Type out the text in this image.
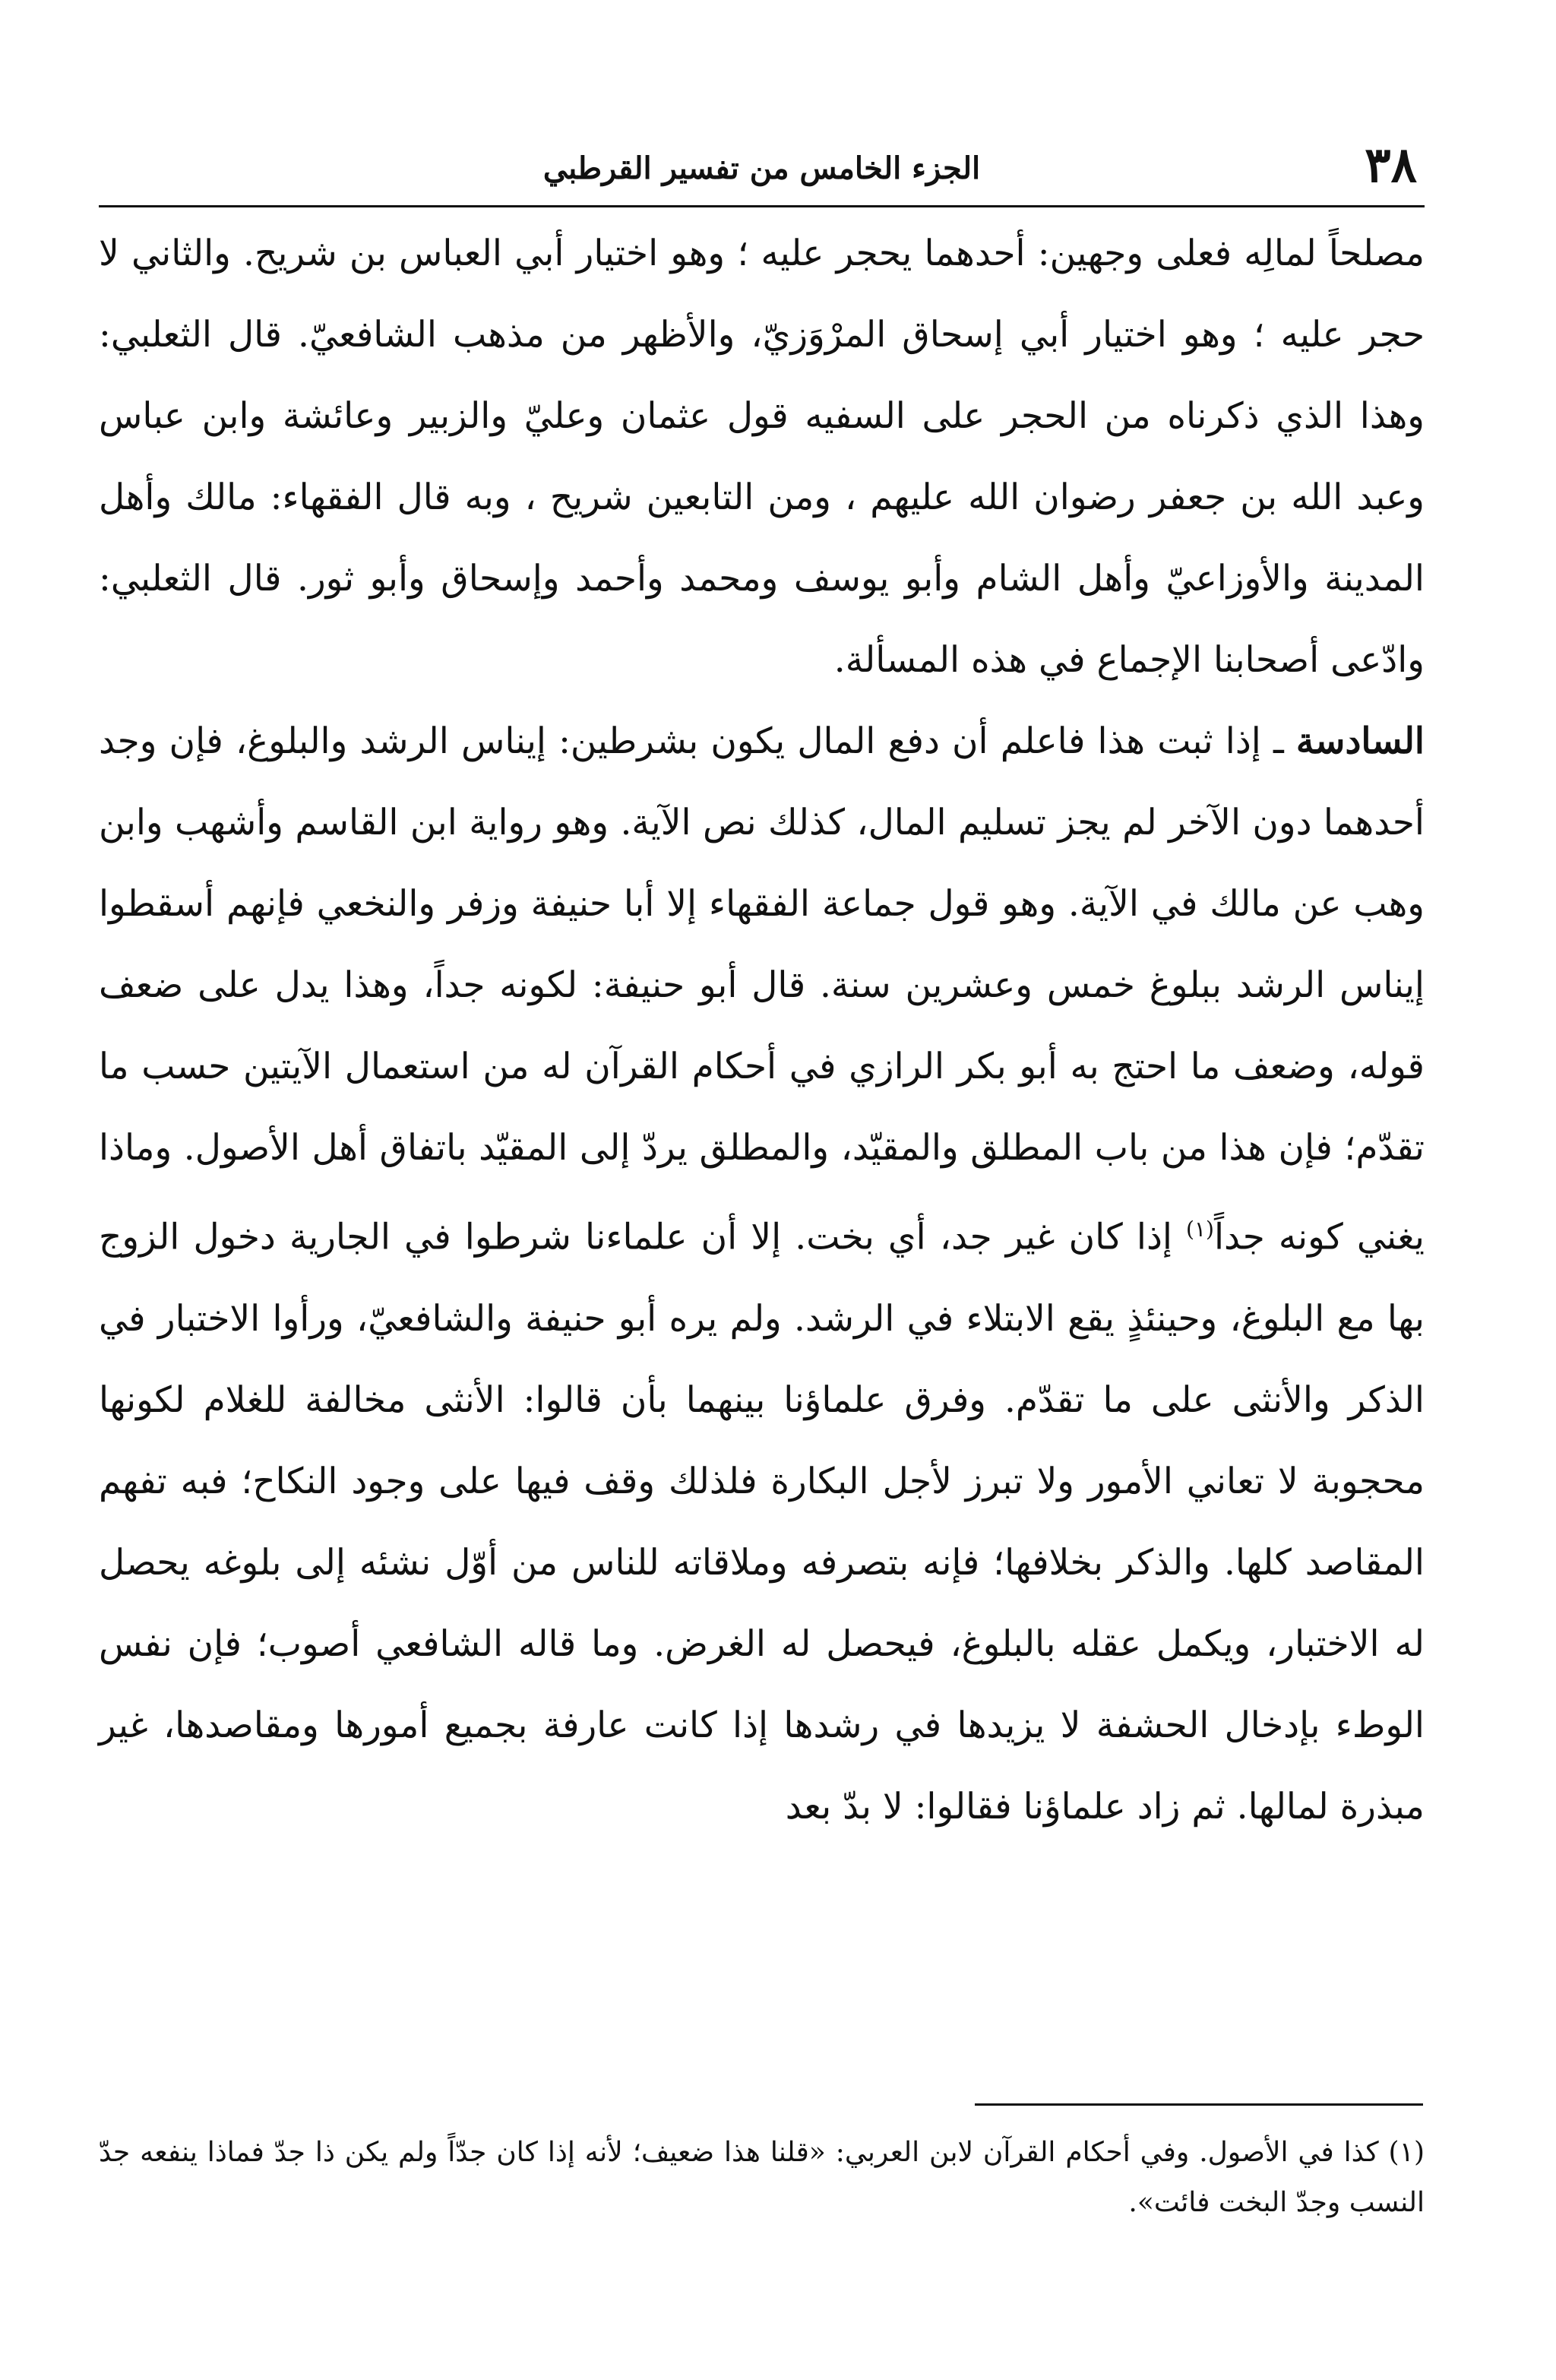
٣٨
الجزء الخامس من تفسير القرطبي

مصلحاً لمالِه فعلى وجهين: أحدهما يحجر عليه ؛ وهو اختيار أبي العباس بن شريح. والثاني لا حجر عليه ؛ وهو اختيار أبي إسحاق المرْوَزيّ، والأظهر من مذهب الشافعيّ. قال الثعلبي: وهذا الذي ذكرناه من الحجر على السفيه قول عثمان وعليّ والزبير وعائشة وابن عباس وعبد الله بن جعفر رضوان الله عليهم ، ومن التابعين شريح ، وبه قال الفقهاء: مالك وأهل المدينة والأوزاعيّ وأهل الشام وأبو يوسف ومحمد وأحمد وإسحاق وأبو ثور. قال الثعلبي: وادّعى أصحابنا الإجماع في هذه المسألة.

السادسة ـ إذا ثبت هذا فاعلم أن دفع المال يكون بشرطين: إيناس الرشد والبلوغ، فإن وجد أحدهما دون الآخر لم يجز تسليم المال، كذلك نص الآية. وهو رواية ابن القاسم وأشهب وابن وهب عن مالك في الآية. وهو قول جماعة الفقهاء إلا أبا حنيفة وزفر والنخعي فإنهم أسقطوا إيناس الرشد ببلوغ خمس وعشرين سنة. قال أبو حنيفة: لكونه جداً، وهذا يدل على ضعف قوله، وضعف ما احتج به أبو بكر الرازي في أحكام القرآن له من استعمال الآيتين حسب ما تقدّم؛ فإن هذا من باب المطلق والمقيّد، والمطلق يردّ إلى المقيّد باتفاق أهل الأصول. وماذا يغني كونه جداً$^{(١)}$ إذا كان غير جد، أي بخت. إلا أن علماءنا شرطوا في الجارية دخول الزوج بها مع البلوغ، وحينئذٍ يقع الابتلاء في الرشد. ولم يره أبو حنيفة والشافعيّ، ورأوا الاختبار في الذكر والأنثى على ما تقدّم. وفرق علماؤنا بينهما بأن قالوا: الأنثى مخالفة للغلام لكونها محجوبة لا تعاني الأمور ولا تبرز لأجل البكارة فلذلك وقف فيها على وجود النكاح؛ فبه تفهم المقاصد كلها. والذكر بخلافها؛ فإنه بتصرفه وملاقاته للناس من أوّل نشئه إلى بلوغه يحصل له الاختبار، ويكمل عقله بالبلوغ، فيحصل له الغرض. وما قاله الشافعي أصوب؛ فإن نفس الوطء بإدخال الحشفة لا يزيدها في رشدها إذا كانت عارفة بجميع أمورها ومقاصدها، غير مبذرة لمالها. ثم زاد علماؤنا فقالوا: لا بدّ بعد

(١) كذا في الأصول. وفي أحكام القرآن لابن العربي: «قلنا هذا ضعيف؛ لأنه إذا كان جدّاً ولم يكن ذا جدّ فماذا ينفعه جدّ النسب وجدّ البخت فائت».
